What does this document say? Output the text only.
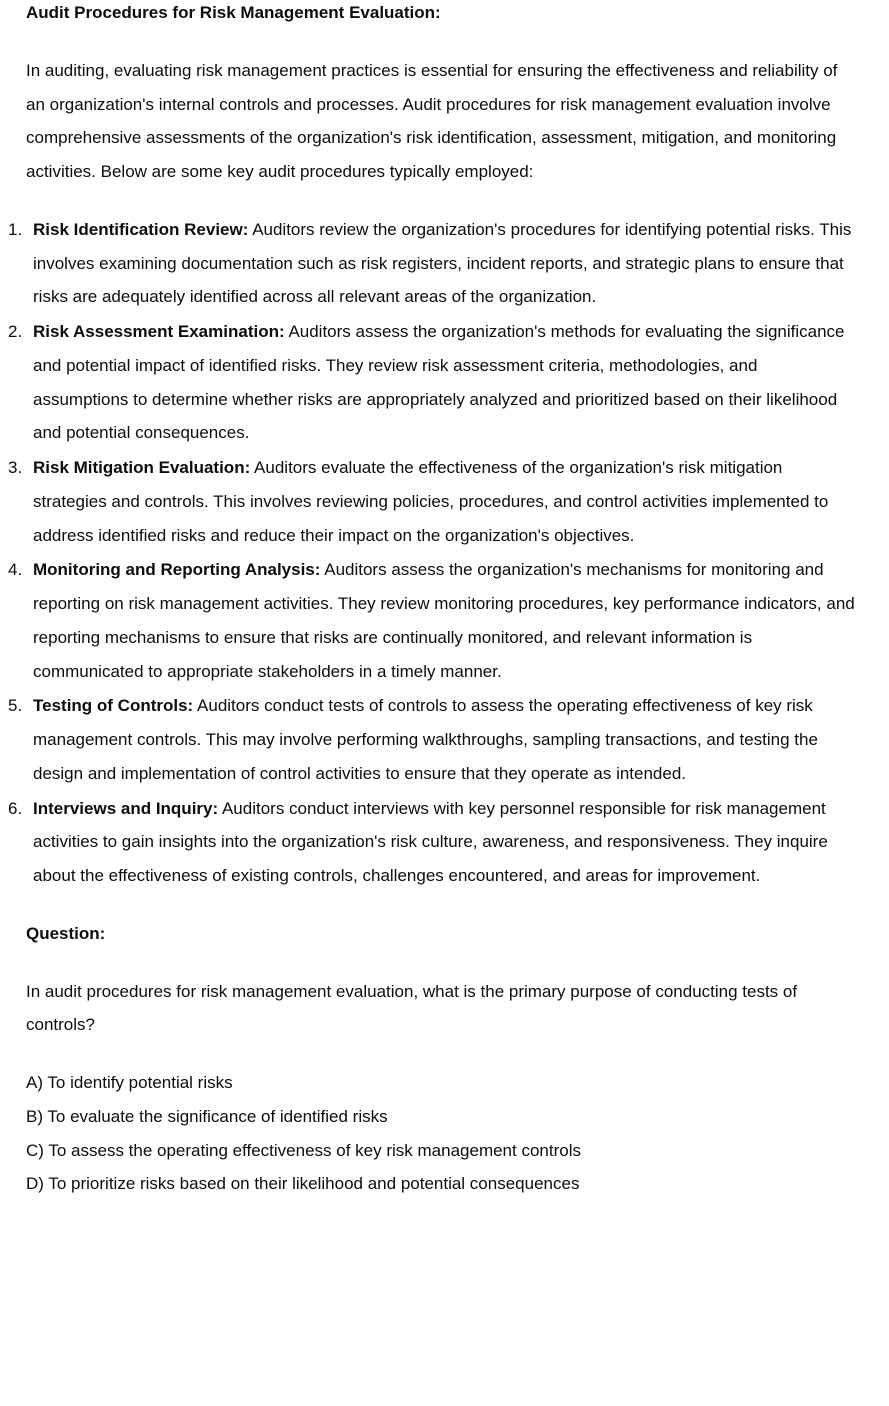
Audit Procedures for Risk Management Evaluation:

In auditing, evaluating risk management practices is essential for ensuring the effectiveness and reliability of an organization's internal controls and processes. Audit procedures for risk management evaluation involve comprehensive assessments of the organization's risk identification, assessment, mitigation, and monitoring activities. Below are some key audit procedures typically employed:

1. Risk Identification Review: Auditors review the organization's procedures for identifying potential risks. This involves examining documentation such as risk registers, incident reports, and strategic plans to ensure that risks are adequately identified across all relevant areas of the organization.
2. Risk Assessment Examination: Auditors assess the organization's methods for evaluating the significance and potential impact of identified risks. They review risk assessment criteria, methodologies, and assumptions to determine whether risks are appropriately analyzed and prioritized based on their likelihood and potential consequences.
3. Risk Mitigation Evaluation: Auditors evaluate the effectiveness of the organization's risk mitigation strategies and controls. This involves reviewing policies, procedures, and control activities implemented to address identified risks and reduce their impact on the organization's objectives.
4. Monitoring and Reporting Analysis: Auditors assess the organization's mechanisms for monitoring and reporting on risk management activities. They review monitoring procedures, key performance indicators, and reporting mechanisms to ensure that risks are continually monitored, and relevant information is communicated to appropriate stakeholders in a timely manner.
5. Testing of Controls: Auditors conduct tests of controls to assess the operating effectiveness of key risk management controls. This may involve performing walkthroughs, sampling transactions, and testing the design and implementation of control activities to ensure that they operate as intended.
6. Interviews and Inquiry: Auditors conduct interviews with key personnel responsible for risk management activities to gain insights into the organization's risk culture, awareness, and responsiveness. They inquire about the effectiveness of existing controls, challenges encountered, and areas for improvement.

Question:

In audit procedures for risk management evaluation, what is the primary purpose of conducting tests of controls?

A) To identify potential risks
B) To evaluate the significance of identified risks
C) To assess the operating effectiveness of key risk management controls
D) To prioritize risks based on their likelihood and potential consequences
